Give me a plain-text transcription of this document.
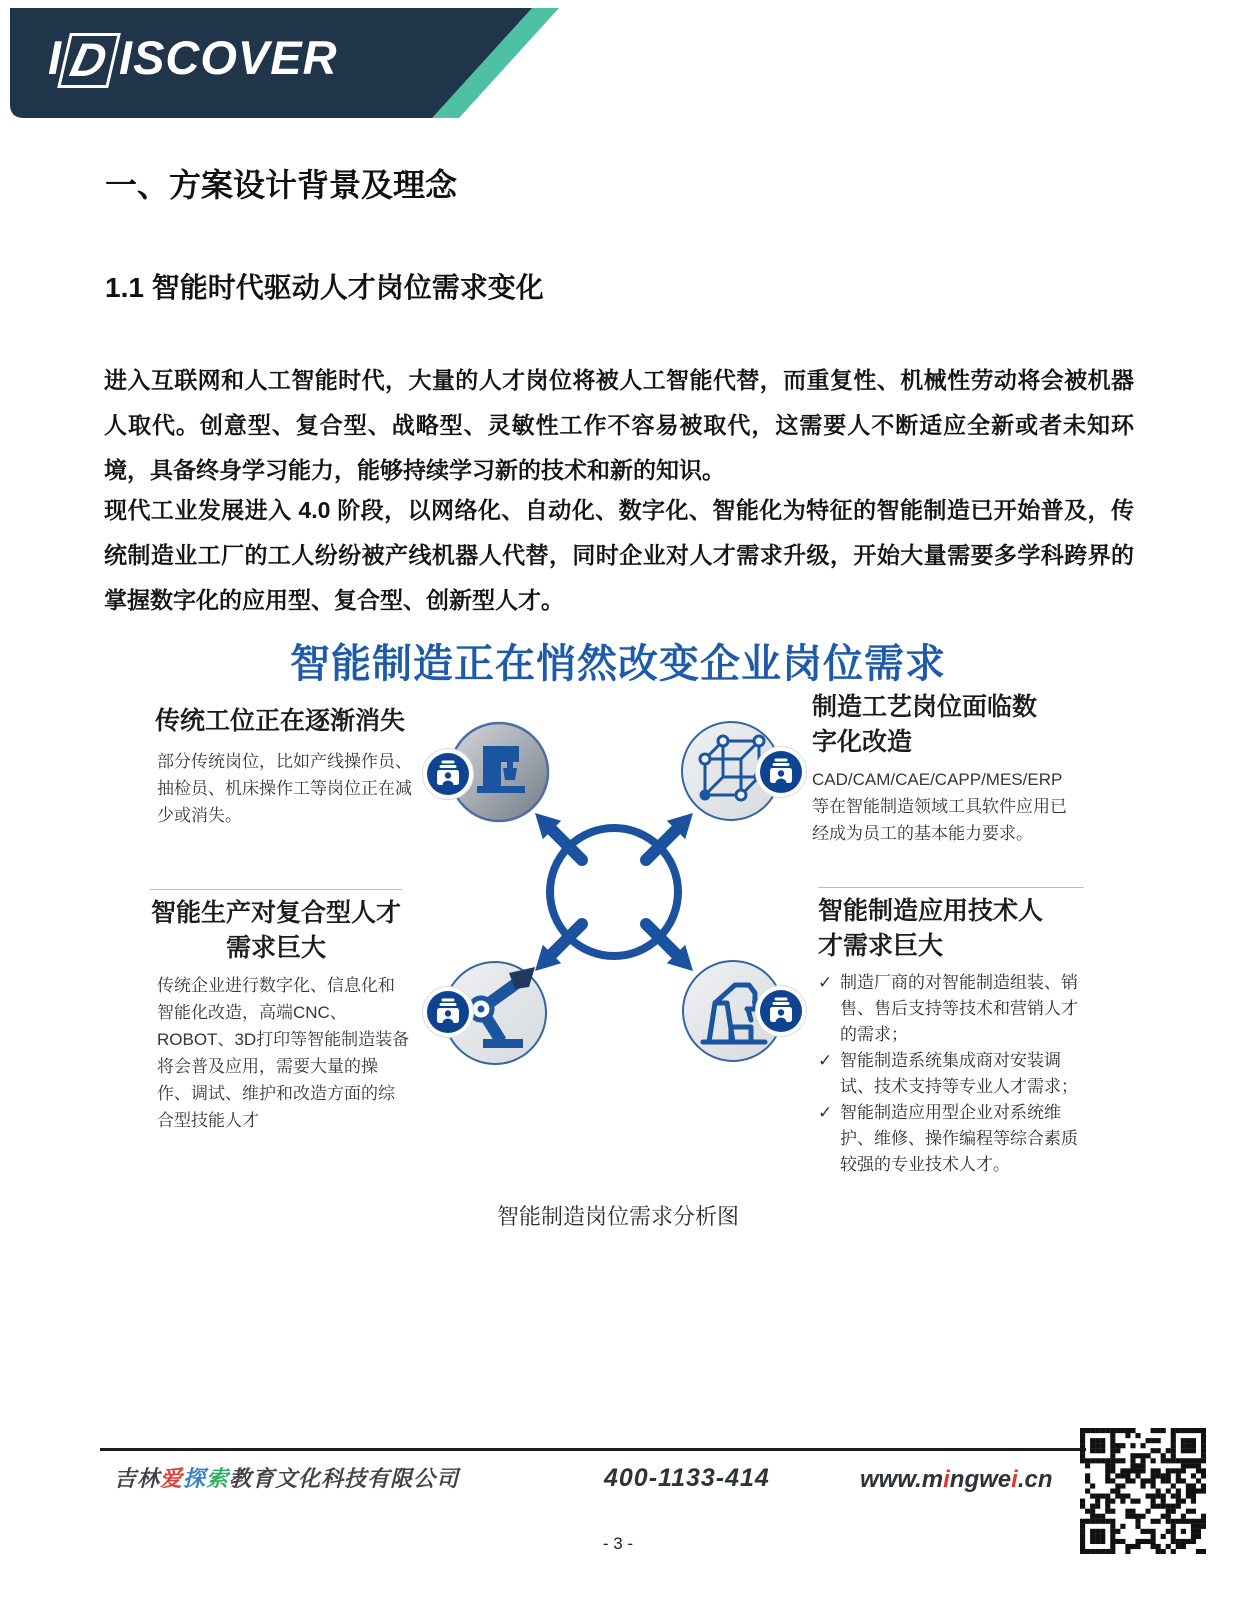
ID ISCOVER
一、方案设计背景及理念
1.1 智能时代驱动人才岗位需求变化
进入互联网和人工智能时代，大量的人才岗位将被人工智能代替，而重复性、机械性劳动将会被机器人取代。创意型、复合型、战略型、灵敏性工作不容易被取代，这需要人不断适应全新或者未知环境，具备终身学习能力，能够持续学习新的技术和新的知识。
现代工业发展进入 4.0 阶段，以网络化、自动化、数字化、智能化为特征的智能制造已开始普及，传统制造业工厂的工人纷纷被产线机器人代替，同时企业对人才需求升级，开始大量需要多学科跨界的掌握数字化的应用型、复合型、创新型人才。
智能制造正在悄然改变企业岗位需求
传统工位正在逐渐消失
部分传统岗位，比如产线操作员、抽检员、机床操作工等岗位正在减少或消失。
制造工艺岗位面临数字化改造
CAD/CAM/CAE/CAPP/MES/ERP等在智能制造领域工具软件应用已经成为员工的基本能力要求。
智能生产对复合型人才需求巨大
传统企业进行数字化、信息化和智能化改造，高端CNC、ROBOT、3D打印等智能制造装备将会普及应用，需要大量的操作、调试、维护和改造方面的综合型技能人才
智能制造应用技术人才需求巨大
✓ 制造厂商的对智能制造组装、销售、售后支持等技术和营销人才的需求；
✓ 智能制造系统集成商对安装调试、技术支持等专业人才需求；
✓ 智能制造应用型企业对系统维护、维修、操作编程等综合素质较强的专业技术人才。
智能制造岗位需求分析图
吉林爱探索教育文化科技有限公司	400-1133-414	www.mingwei.cn
- 3 -
